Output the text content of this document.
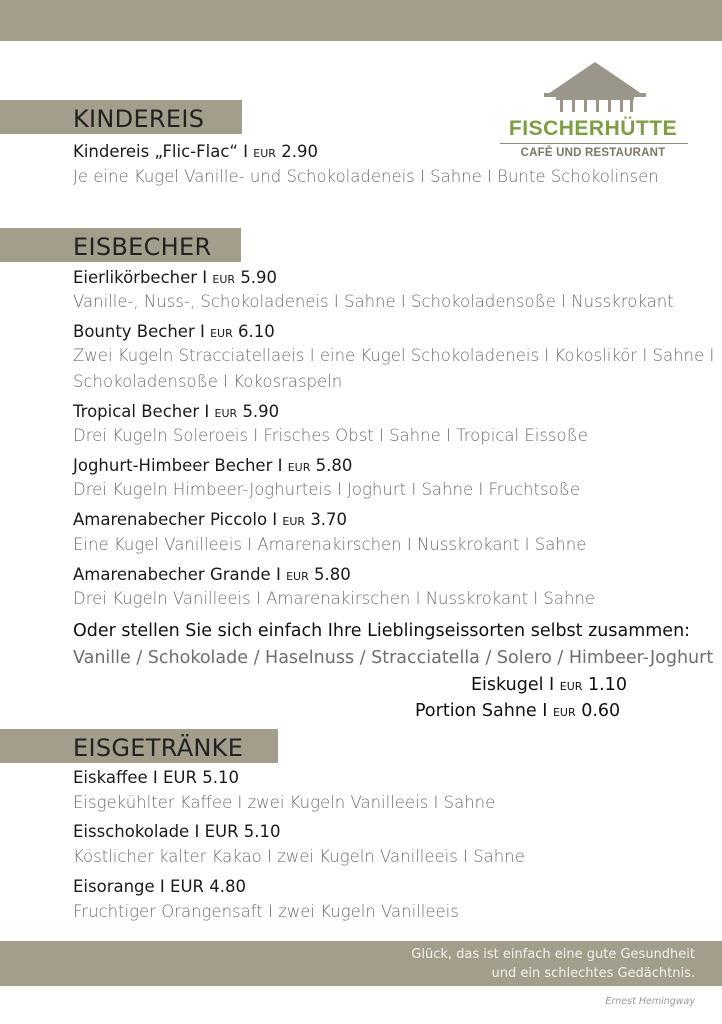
FISCHERHÜTTE
CAFÉ UND RESTAURANT
KINDEREIS
Kindereis „Flic-Flac“ I EUR 2.90
Je eine Kugel Vanille- und Schokoladeneis I Sahne I Bunte Schokolinsen
EISBECHER
Eierlikörbecher I EUR 5.90
Vanille-, Nuss-, Schokoladeneis I Sahne I Schokoladensoße I Nusskrokant
Bounty Becher I EUR 6.10
Zwei Kugeln Stracciatellaeis I eine Kugel Schokoladeneis I Kokoslikör I Sahne I
Schokoladensoße I Kokosraspeln
Tropical Becher I EUR 5.90
Drei Kugeln Soleroeis I Frisches Obst I Sahne I Tropical Eissoße
Joghurt-Himbeer Becher I EUR 5.80
Drei Kugeln Himbeer-Joghurteis I Joghurt I Sahne I Fruchtsoße
Amarenabecher Piccolo I EUR 3.70
Eine Kugel Vanilleeis I Amarenakirschen I Nusskrokant I Sahne
Amarenabecher Grande I EUR 5.80
Drei Kugeln Vanilleeis I Amarenakirschen I Nusskrokant I Sahne
Oder stellen Sie sich einfach Ihre Lieblingseissorten selbst zusammen:
Vanille / Schokolade / Haselnuss / Stracciatella / Solero / Himbeer-Joghurt
Eiskugel I EUR 1.10
Portion Sahne I EUR 0.60
EISGETRÄNKE
Eiskaffee I EUR 5.10
Eisgekühlter Kaffee I zwei Kugeln Vanilleeis I Sahne
Eisschokolade I EUR 5.10
Köstlicher kalter Kakao I zwei Kugeln Vanilleeis I Sahne
Eisorange I EUR 4.80
Fruchtiger Orangensaft I zwei Kugeln Vanilleeis
Glück, das ist einfach eine gute Gesundheit
und ein schlechtes Gedächtnis.
Ernest Hemingway
